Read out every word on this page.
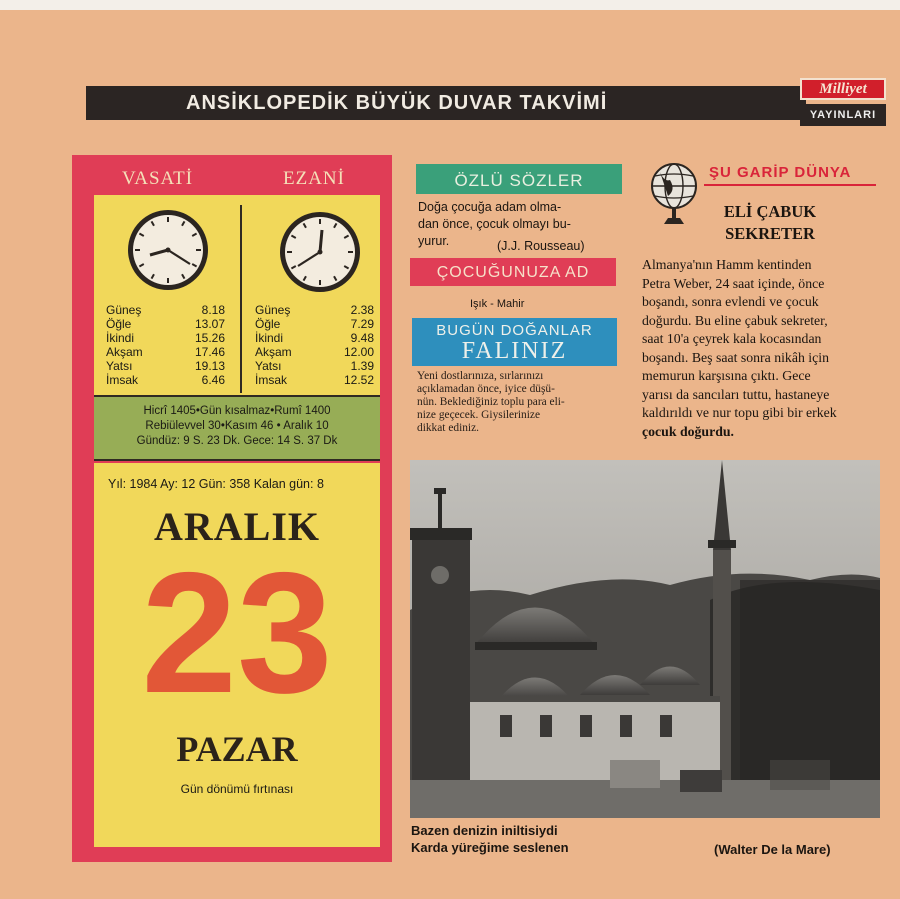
ANSİKLOPEDİK BÜYÜK DUVAR TAKVİMİ
Milliyet
YAYINLARI
VASATİ	EZANİ
Güneş	8.18
Öğle	13.07
İkindi	15.26
Akşam	17.46
Yatsı	19.13
İmsak	6.46
Güneş	2.38
Öğle	7.29
İkindi	9.48
Akşam	12.00
Yatsı	1.39
İmsak	12.52
Hicrî 1405•Gün kısalmaz•Rumî 1400
Rebiülevvel 30•Kasım 46 • Aralık 10
Gündüz: 9 S. 23 Dk. Gece: 14 S. 37 Dk
Yıl: 1984 Ay: 12 Gün: 358 Kalan gün: 8
ARALIK
23
PAZAR
Gün dönümü fırtınası
ÖZLÜ SÖZLER
Doğa çocuğa adam olma-
dan önce, çocuk olmayı bu-
yurur.	(J.J. Rousseau)
ÇOCUĞUNUZA AD
Işık - Mahir
BUGÜN DOĞANLAR
FALINIZ
Yeni dostlarınıza, sırlarınızı
açıklamadan önce, iyice düşü-
nün. Beklediğiniz toplu para eli-
nize geçecek. Giysilerinize
dikkat ediniz.
ŞU GARİP DÜNYA
ELİ ÇABUK
SEKRETER
Almanya'nın Hamm kentinden
Petra Weber, 24 saat içinde, önce
boşandı, sonra evlendi ve çocuk
doğurdu. Bu eline çabuk sekreter,
saat 10'a çeyrek kala kocasından
boşandı. Beş saat sonra nikâh için
memurun karşısına çıktı. Gece
yarısı da sancıları tuttu, hastaneye
kaldırıldı ve nur topu gibi bir erkek
çocuk doğurdu.
Bazen denizin iniltisiydi
Karda yüreğime seslenen	(Walter De la Mare)
